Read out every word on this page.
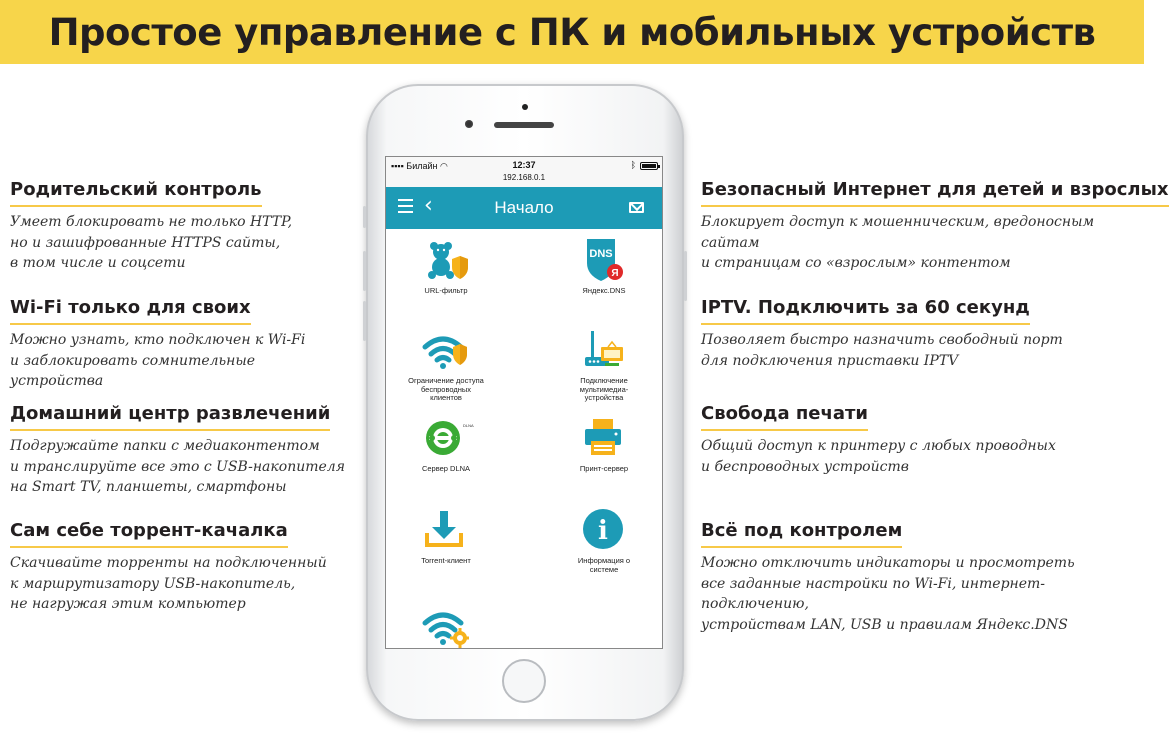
Простое управление с ПК и мобильных устройств
Родительский контроль
Умеет блокировать не только HTTP,
но и зашифрованные HTTPS сайты,
в том числе и соцсети
Wi-Fi только для своих
Можно узнать, кто подключен к Wi-Fi
и заблокировать сомнительные устройства
Домашний центр развлечений
Подгружайте папки с медиаконтентом
и транслируйте все это с USB-накопителя
на Smart TV, планшеты, смартфоны
Сам себе торрент-качалка
Скачивайте торренты на подключенный
к маршрутизатору USB-накопитель,
не нагружая этим компьютер
Безопасный Интернет для детей и взрослых
Блокирует доступ к мошенническим, вредоносным сайтам
и страницам со «взрослым» контентом
IPTV. Подключить за 60 секунд
Позволяет быстро назначить свободный порт
для подключения приставки IPTV
Свобода печати
Общий доступ к принтеру с любых проводных
и беспроводных устройств
Всё под контролем
Можно отключить индикаторы и просмотреть
все заданные настройки по Wi-Fi, интернет-подключению,
устройствам LAN, USB и правилам Яндекс.DNS
▪▪▪▪ Билайн ◠	12:37
192.168.0.1
ᛒ
‹	Начало
URL-фильтр
DNS
Я
Яндекс.DNS
Ограничение доступа
беспроводных
клиентов
Подключение
мультимедиа-
устройства
DLNA
Сервер DLNA	Принт-сервер
Torrent-клиент
i
Информация о
системе
